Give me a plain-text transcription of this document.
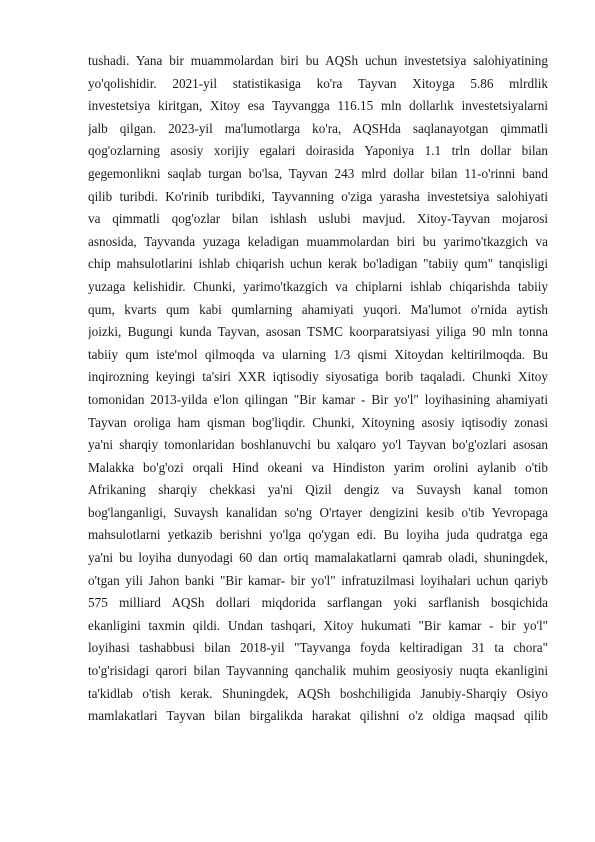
tushadi. Yana bir muammolardan biri bu AQSh uchun investetsiya salohiyatining
yo'qolishidir. 2021-yil statistikasiga ko'ra Tayvan Xitoyga 5.86 mlrdlik
investetsiya kiritgan, Xitoy esa Tayvangga 116.15 mln dollarlık investetsiyalarni
jalb qilgan. 2023-yil ma'lumotlarga ko'ra, AQSHda saqlanayotgan qimmatli
qog'ozlarning asosiy xorijiy egalari doirasida Yaponiya 1.1 trln dollar bilan
gegemonlikni saqlab turgan bo'lsa, Tayvan 243 mlrd dollar bilan 11-o'rinni band
qilib turibdi. Ko'rinib turibdiki, Tayvanning o'ziga yarasha investetsiya salohiyati
va qimmatli qog'ozlar bilan ishlash uslubi mavjud. Xitoy-Tayvan mojarosi
asnosida, Tayvanda yuzaga keladigan muammolardan biri bu yarimo'tkazgich va
chip mahsulotlarini ishlab chiqarish uchun kerak bo'ladigan "tabiiy qum" tanqisligi
yuzaga kelishidir. Chunki, yarimo'tkazgich va chiplarni ishlab chiqarishda tabiiy
qum, kvarts qum kabi qumlarning ahamiyati yuqori. Ma'lumot o'rnida aytish
joizki, Bugungi kunda Tayvan, asosan TSMC koorparatsiyasi yiliga 90 mln tonna
tabiiy qum iste'mol qilmoqda va ularning 1/3 qismi Xitoydan keltirilmoqda. Bu
inqirozning keyingi ta'siri XXR iqtisodiy siyosatiga borib taqaladi. Chunki Xitoy
tomonidan 2013-yilda e'lon qilingan "Bir kamar - Bir yo'l" loyihasining ahamiyati
Tayvan oroliga ham qisman bog'liqdir. Chunki, Xitoyning asosiy iqtisodiy zonasi
ya'ni sharqiy tomonlaridan boshlanuvchi bu xalqaro yo'l Tayvan bo'g'ozlari asosan
Malakka bo'g'ozi orqali Hind okeani va Hindiston yarim orolini aylanib o'tib
Afrikaning sharqiy chekkasi ya'ni Qizil dengiz va Suvaysh kanal tomon
bog'langanligi, Suvaysh kanalidan so'ng O'rtayer dengizini kesib o'tib Yevropaga
mahsulotlarni yetkazib berishni yo'lga qo'ygan edi. Bu loyiha juda qudratga ega
ya'ni bu loyiha dunyodagi 60 dan ortiq mamalakatlarni qamrab oladi, shuningdek,
o'tgan yili Jahon banki "Bir kamar- bir yo'l" infratuzilmasi loyihalari uchun qariyb
575 milliard AQSh dollari miqdorida sarflangan yoki sarflanish bosqichida
ekanligini taxmin qildi. Undan tashqari, Xitoy hukumati "Bir kamar - bir yo'l"
loyihasi tashabbusi bilan 2018-yil "Tayvanga foyda keltiradigan 31 ta chora"
to'g'risidagi qarori bilan Tayvanning qanchalik muhim geosiyosiy nuqta ekanligini
ta'kidlab o'tish kerak. Shuningdek, AQSh boshchiligida Janubiy-Sharqiy Osiyo
mamlakatlari Tayvan bilan birgalikda harakat qilishni o'z oldiga maqsad qilib
